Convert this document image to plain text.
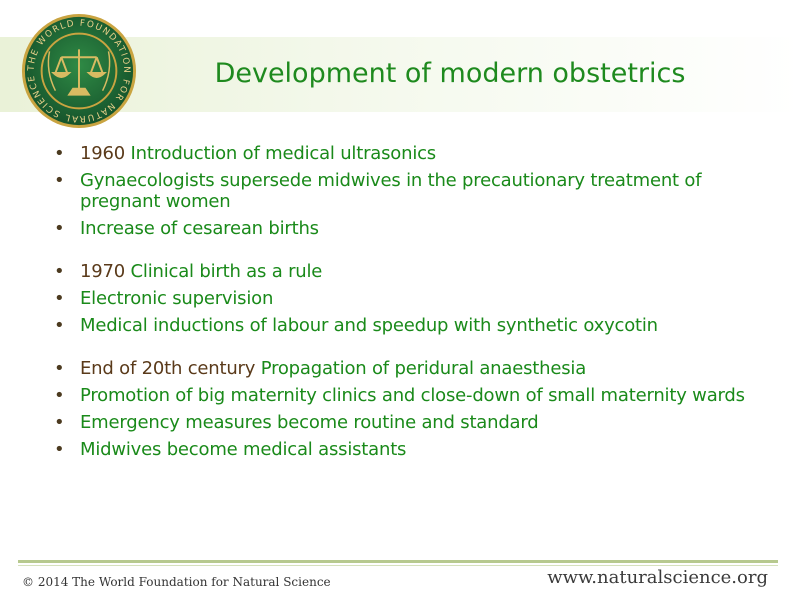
THE WORLD FOUNDATION FOR NATURAL SCIENCE	Development of modern obstetrics
• 1960 Introduction of medical ultrasonics
• Gynaecologists supersede midwives in the precautionary treatment of pregnant women
• Increase of cesarean births
• 1970 Clinical birth as a rule
• Electronic supervision
• Medical inductions of labour and speedup with synthetic oxycotin
• End of 20th century Propagation of peridural anaesthesia
• Promotion of big maternity clinics and close-down of small maternity wards
• Emergency measures become routine and standard
• Midwives become medical assistants
© 2014 The World Foundation for Natural Science	www.naturalscience.org
